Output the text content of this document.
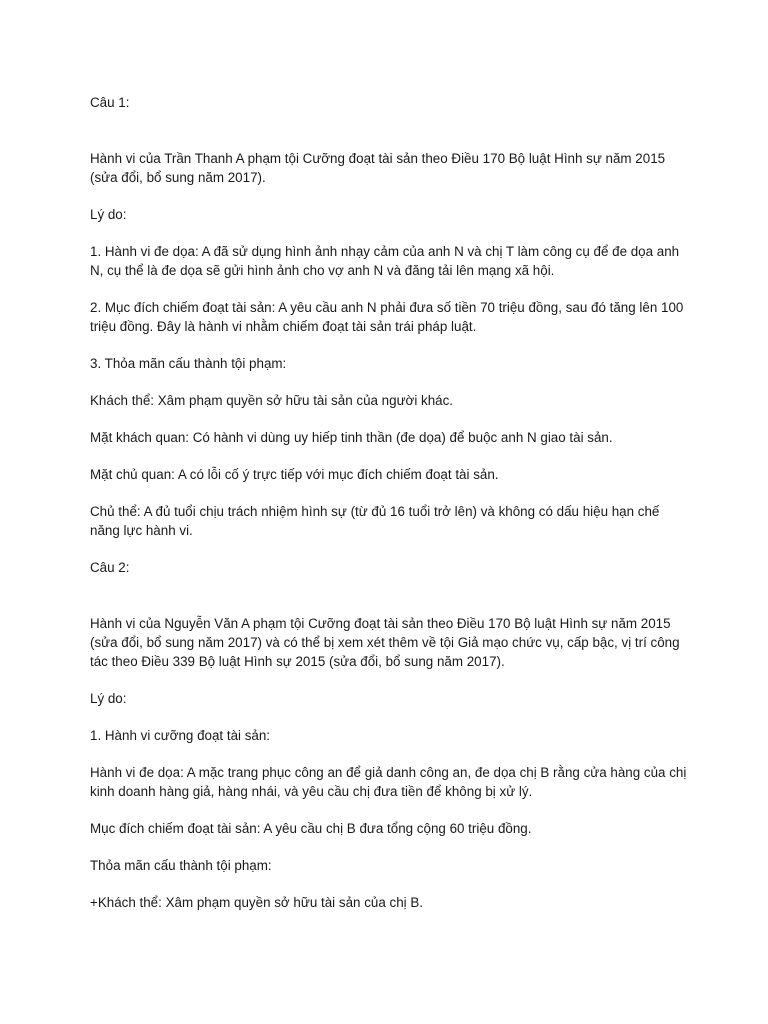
Câu 1:

Hành vi của Trần Thanh A phạm tội Cưỡng đoạt tài sản theo Điều 170 Bộ luật Hình sự năm 2015 (sửa đổi, bổ sung năm 2017).

Lý do:

1. Hành vi đe dọa: A đã sử dụng hình ảnh nhạy cảm của anh N và chị T làm công cụ để đe dọa anh N, cụ thể là đe dọa sẽ gửi hình ảnh cho vợ anh N và đăng tải lên mạng xã hội.

2. Mục đích chiếm đoạt tài sản: A yêu cầu anh N phải đưa số tiền 70 triệu đồng, sau đó tăng lên 100 triệu đồng. Đây là hành vi nhằm chiếm đoạt tài sản trái pháp luật.

3. Thỏa mãn cấu thành tội phạm:

Khách thể: Xâm phạm quyền sở hữu tài sản của người khác.

Mặt khách quan: Có hành vi dùng uy hiếp tinh thần (đe dọa) để buộc anh N giao tài sản.

Mặt chủ quan: A có lỗi cố ý trực tiếp với mục đích chiếm đoạt tài sản.

Chủ thể: A đủ tuổi chịu trách nhiệm hình sự (từ đủ 16 tuổi trở lên) và không có dấu hiệu hạn chế năng lực hành vi.

Câu 2:

Hành vi của Nguyễn Văn A phạm tội Cưỡng đoạt tài sản theo Điều 170 Bộ luật Hình sự năm 2015 (sửa đổi, bổ sung năm 2017) và có thể bị xem xét thêm về tội Giả mạo chức vụ, cấp bậc, vị trí công tác theo Điều 339 Bộ luật Hình sự 2015 (sửa đổi, bổ sung năm 2017).

Lý do:

1. Hành vi cưỡng đoạt tài sản:

Hành vi đe dọa: A mặc trang phục công an để giả danh công an, đe dọa chị B rằng cửa hàng của chị kinh doanh hàng giả, hàng nhái, và yêu cầu chị đưa tiền để không bị xử lý.

Mục đích chiếm đoạt tài sản: A yêu cầu chị B đưa tổng cộng 60 triệu đồng.

Thỏa mãn cấu thành tội phạm:

+Khách thể: Xâm phạm quyền sở hữu tài sản của chị B.
